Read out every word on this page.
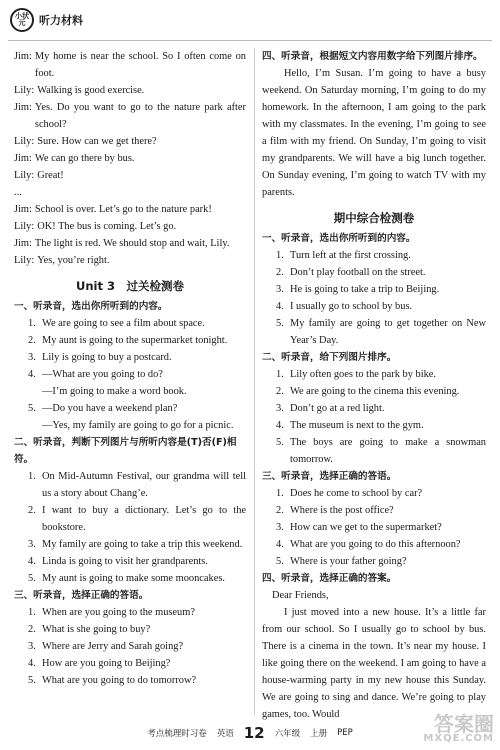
小状元	听力材料
Jim: My home is near the school. So I often come on foot.
Lily: Walking is good exercise.
Jim: Yes. Do you want to go to the nature park after school?
Lily: Sure. How can we get there?
Jim: We can go there by bus.
Lily: Great!
...
Jim: School is over. Let’s go to the nature park!
Lily: OK! The bus is coming. Let’s go.
Jim: The light is red. We should stop and wait, Lily.
Lily: Yes, you’re right.
Unit 3　过关检测卷
一、听录音，选出你所听到的内容。
1. We are going to see a film about space.
2. My aunt is going to the supermarket tonight.
3. Lily is going to buy a postcard.
4. —What are you going to do?
—I’m going to make a word book.
5. —Do you have a weekend plan?
—Yes, my family are going to go for a picnic.
二、听录音，判断下列图片与所听内容是(T)否(F)相符。
1. On Mid-Autumn Festival, our grandma will tell us a story about Chang’e.
2. I want to buy a dictionary. Let’s go to the bookstore.
3. My family are going to take a trip this weekend.
4. Linda is going to visit her grandparents.
5. My aunt is going to make some mooncakes.
三、听录音，选择正确的答语。
1. When are you going to the museum?
2. What is she going to buy?
3. Where are Jerry and Sarah going?
4. How are you going to Beijing?
5. What are you going to do tomorrow?
四、听录音，根据短文内容用数字给下列图片排序。
Hello, I’m Susan. I’m going to have a busy weekend. On Saturday morning, I’m going to do my homework. In the afternoon, I am going to the park with my classmates. In the evening, I’m going to see a film with my friend. On Sunday, I’m going to visit my grandparents. We will have a big lunch together. On Sunday evening, I’m going to watch TV with my parents.
期中综合检测卷
一、听录音，选出你所听到的内容。
1. Turn left at the first crossing.
2. Don’t play football on the street.
3. He is going to take a trip to Beijing.
4. I usually go to school by bus.
5. My family are going to get together on New Year’s Day.
二、听录音，给下列图片排序。
1. Lily often goes to the park by bike.
2. We are going to the cinema this evening.
3. Don’t go at a red light.
4. The museum is next to the gym.
5. The boys are going to make a snowman tomorrow.
三、听录音，选择正确的答语。
1. Does he come to school by car?
2. Where is the post office?
3. How can we get to the supermarket?
4. What are you going to do this afternoon?
5. Where is your father going?
四、听录音，选择正确的答案。
Dear Friends,
I just moved into a new house. It’s a little far from our school. So I usually go to school by bus. There is a cinema in the town. It’s near my house. I like going there on the weekend. I am going to have a house-warming party in my new house this Sunday. We are going to sing and dance. We’re going to play games, too. Would
考点梳理时习卷 英语 12 六年级 上册 PEP	答案圈
MXQE.COM
